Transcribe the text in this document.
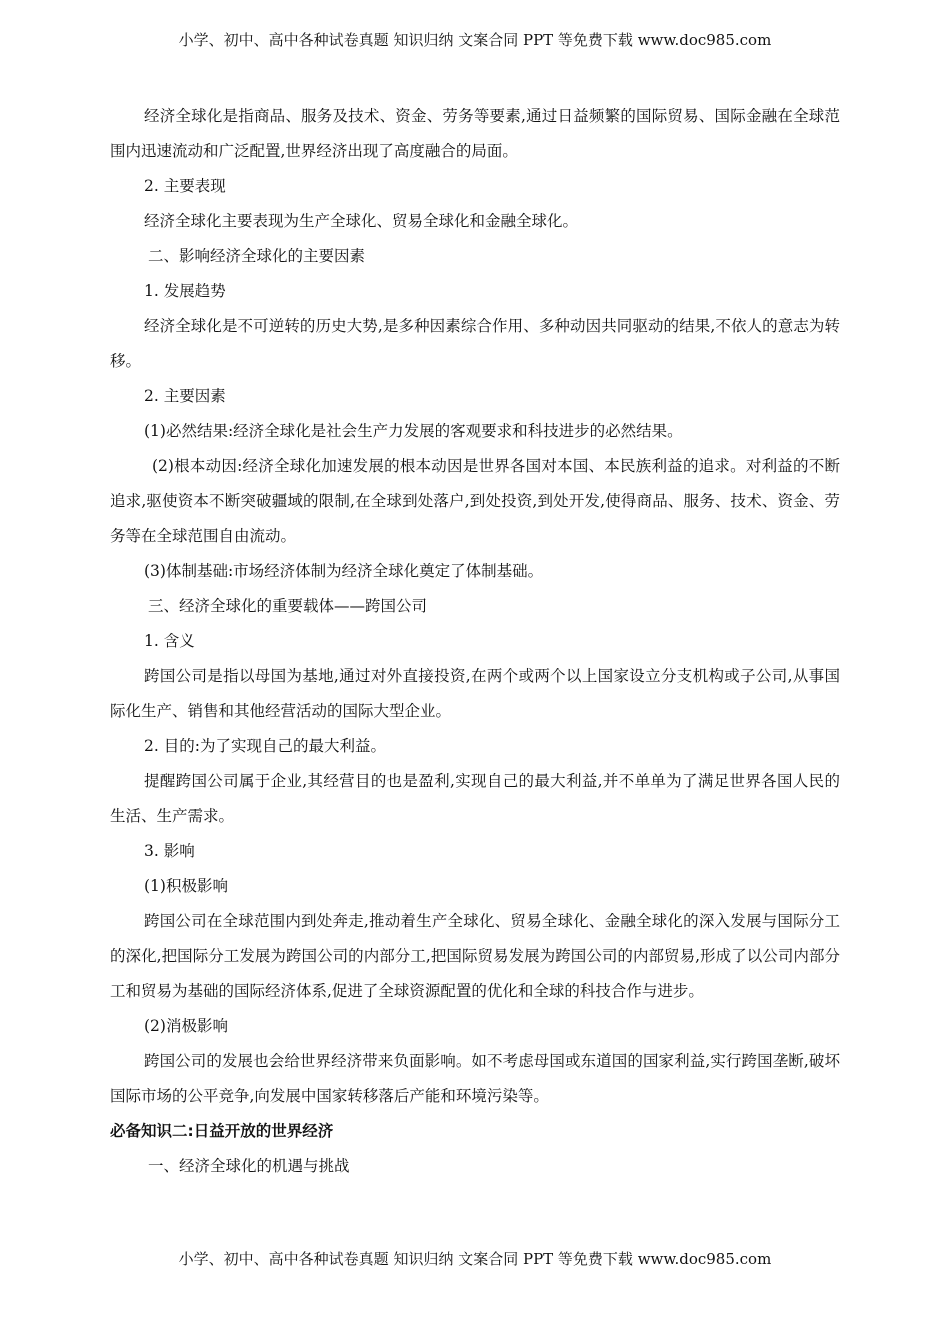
小学、初中、高中各种试卷真题 知识归纳 文案合同 PPT 等免费下载 www.doc985.com

经济全球化是指商品、服务及技术、资金、劳务等要素,通过日益频繁的国际贸易、国际金融在全球范围内迅速流动和广泛配置,世界经济出现了高度融合的局面。

2. 主要表现

经济全球化主要表现为生产全球化、贸易全球化和金融全球化。

二、影响经济全球化的主要因素

1. 发展趋势

经济全球化是不可逆转的历史大势,是多种因素综合作用、多种动因共同驱动的结果,不依人的意志为转移。

2. 主要因素

(1)必然结果:经济全球化是社会生产力发展的客观要求和科技进步的必然结果。

(2)根本动因:经济全球化加速发展的根本动因是世界各国对本国、本民族利益的追求。对利益的不断追求,驱使资本不断突破疆域的限制,在全球到处落户,到处投资,到处开发,使得商品、服务、技术、资金、劳务等在全球范围自由流动。

(3)体制基础:市场经济体制为经济全球化奠定了体制基础。

三、经济全球化的重要载体——跨国公司

1. 含义

跨国公司是指以母国为基地,通过对外直接投资,在两个或两个以上国家设立分支机构或子公司,从事国际化生产、销售和其他经营活动的国际大型企业。

2. 目的:为了实现自己的最大利益。

提醒跨国公司属于企业,其经营目的也是盈利,实现自己的最大利益,并不单单为了满足世界各国人民的生活、生产需求。

3. 影响

(1)积极影响

跨国公司在全球范围内到处奔走,推动着生产全球化、贸易全球化、金融全球化的深入发展与国际分工的深化,把国际分工发展为跨国公司的内部分工,把国际贸易发展为跨国公司的内部贸易,形成了以公司内部分工和贸易为基础的国际经济体系,促进了全球资源配置的优化和全球的科技合作与进步。

(2)消极影响

跨国公司的发展也会给世界经济带来负面影响。如不考虑母国或东道国的国家利益,实行跨国垄断,破坏国际市场的公平竞争,向发展中国家转移落后产能和环境污染等。

必备知识二:日益开放的世界经济

一、经济全球化的机遇与挑战

小学、初中、高中各种试卷真题 知识归纳 文案合同 PPT 等免费下载 www.doc985.com
